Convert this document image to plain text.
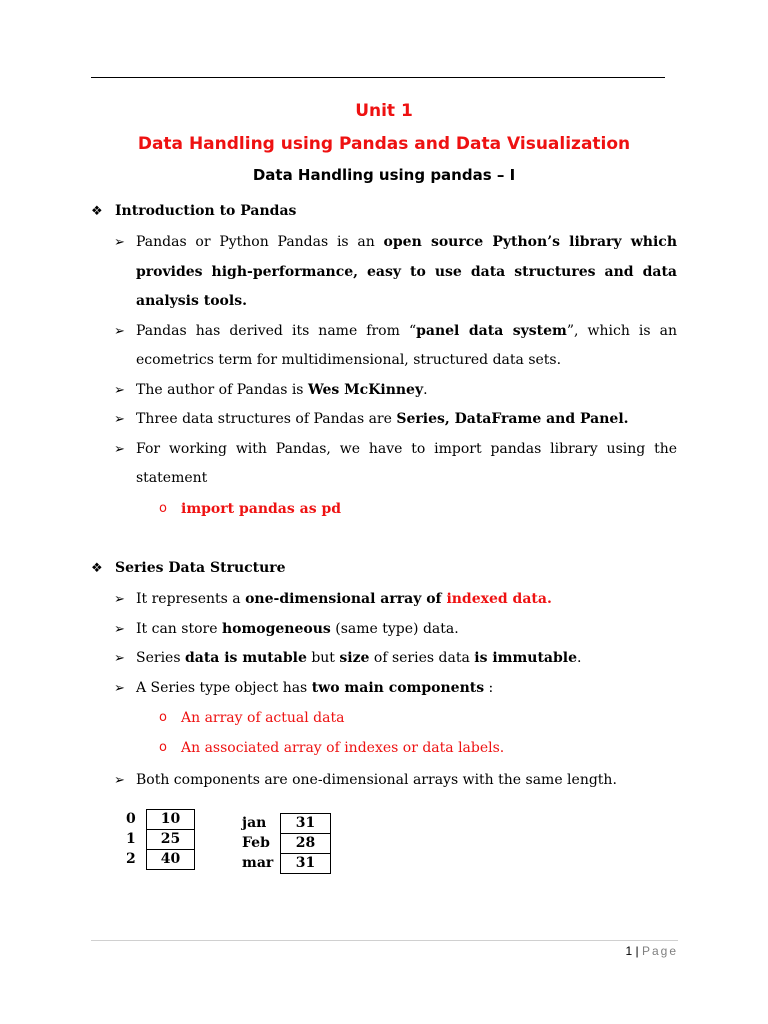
Unit 1
Data Handling using Pandas and Data Visualization
Data Handling using pandas – I
❖ Introduction to Pandas
➢ Pandas or Python Pandas is an open source Python’s library which
provides high-performance, easy to use data structures and data
analysis tools.
➢ Pandas has derived its name from “panel data system”, which is an
ecometrics term for multidimensional, structured data sets.
➢ The author of Pandas is Wes McKinney.
➢ Three data structures of Pandas are Series, DataFrame and Panel.
➢ For working with Pandas, we have to import pandas library using the
statement
o import pandas as pd
❖ Series Data Structure
➢ It represents a one-dimensional array of indexed data.
➢ It can store homogeneous (same type) data.
➢ Series data is mutable but size of series data is immutable.
➢ A Series type object has two main components :
o An array of actual data
o An associated array of indexes or data labels.
➢ Both components are one-dimensional arrays with the same length.
0	10
1	25
2	40
jan	31
Feb	28
mar	31
1 | Page
